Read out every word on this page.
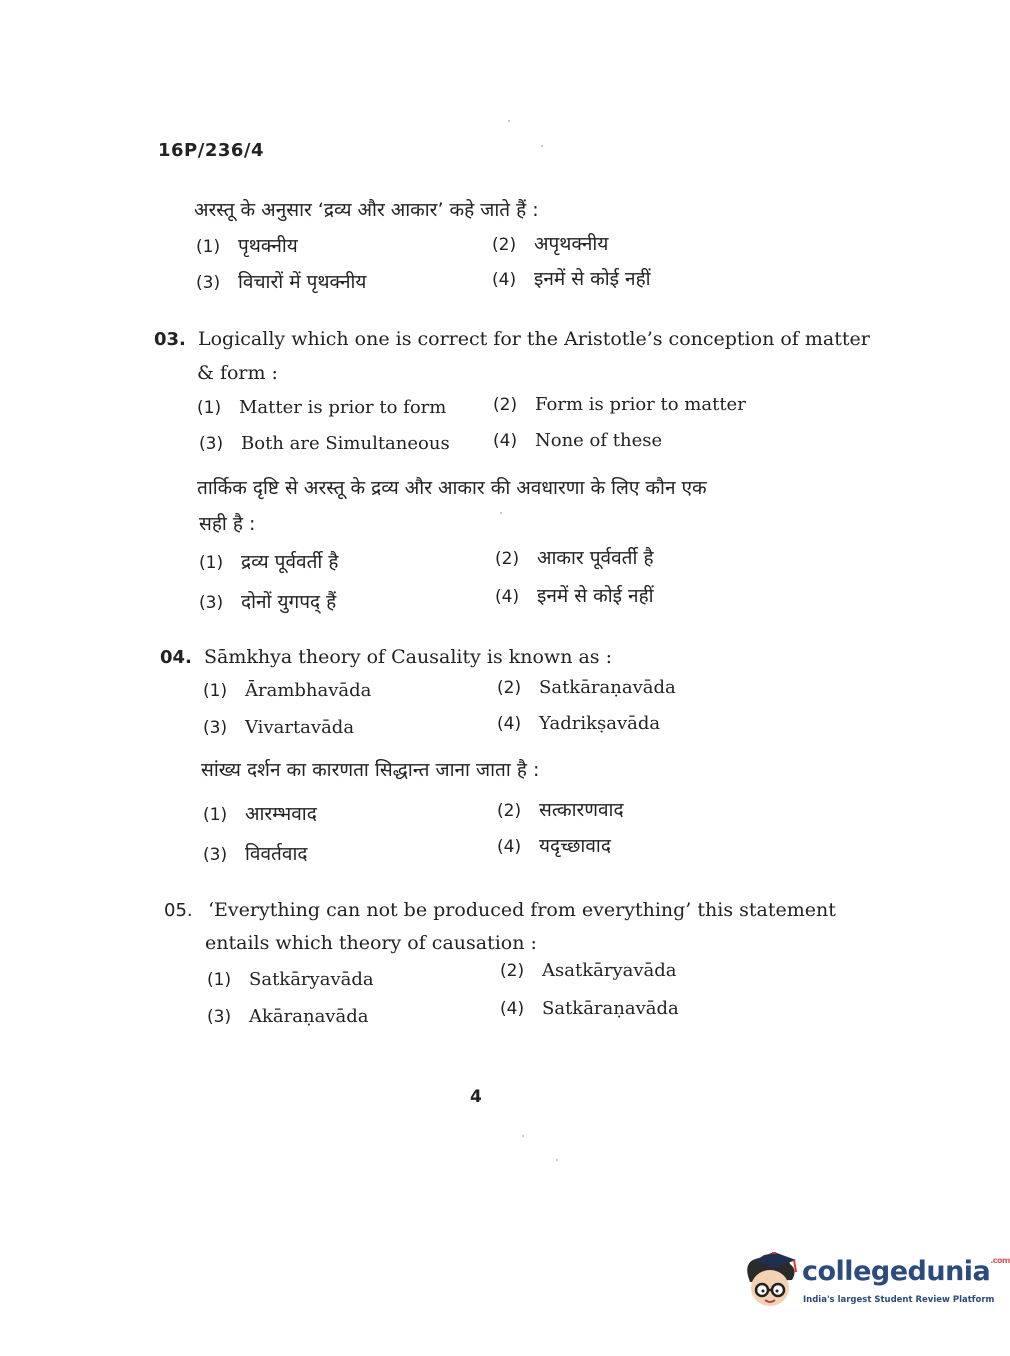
16P/236/4
अरस्तू के अनुसार ‘द्रव्य और आकार’ कहे जाते हैं :
(1) पृथक्नीय	(2) अपृथक्नीय
(3) विचारों में पृथक्नीय	(4) इनमें से कोई नहीं
03. Logically which one is correct for the Aristotle’s conception of matter
& form :
(1) Matter is prior to form	(2) Form is prior to matter
(3) Both are Simultaneous	(4) None of these
तार्किक दृष्टि से अरस्तू के द्रव्य और आकार की अवधारणा के लिए कौन एक
सही है :
(1) द्रव्य पूर्ववर्ती है	(2) आकार पूर्ववर्ती है
(3) दोनों युगपद् हैं	(4) इनमें से कोई नहीं
04. Sāmkhya theory of Causality is known as :
(1) Ārambhavāda	(2) Satkāraṇavāda
(3) Vivartavāda	(4) Yadrikṣavāda
सांख्य दर्शन का कारणता सिद्धान्त जाना जाता है :
(1) आरम्भवाद	(2) सत्कारणवाद
(3) विवर्तवाद	(4) यदृच्छावाद
05. ‘Everything can not be produced from everything’ this statement
entails which theory of causation :
(1) Satkāryavāda	(2) Asatkāryavāda
(3) Akāraṇavāda	(4) Satkāraṇavāda
4
collegedunia$^{.com}$
India's largest Student Review Platform
